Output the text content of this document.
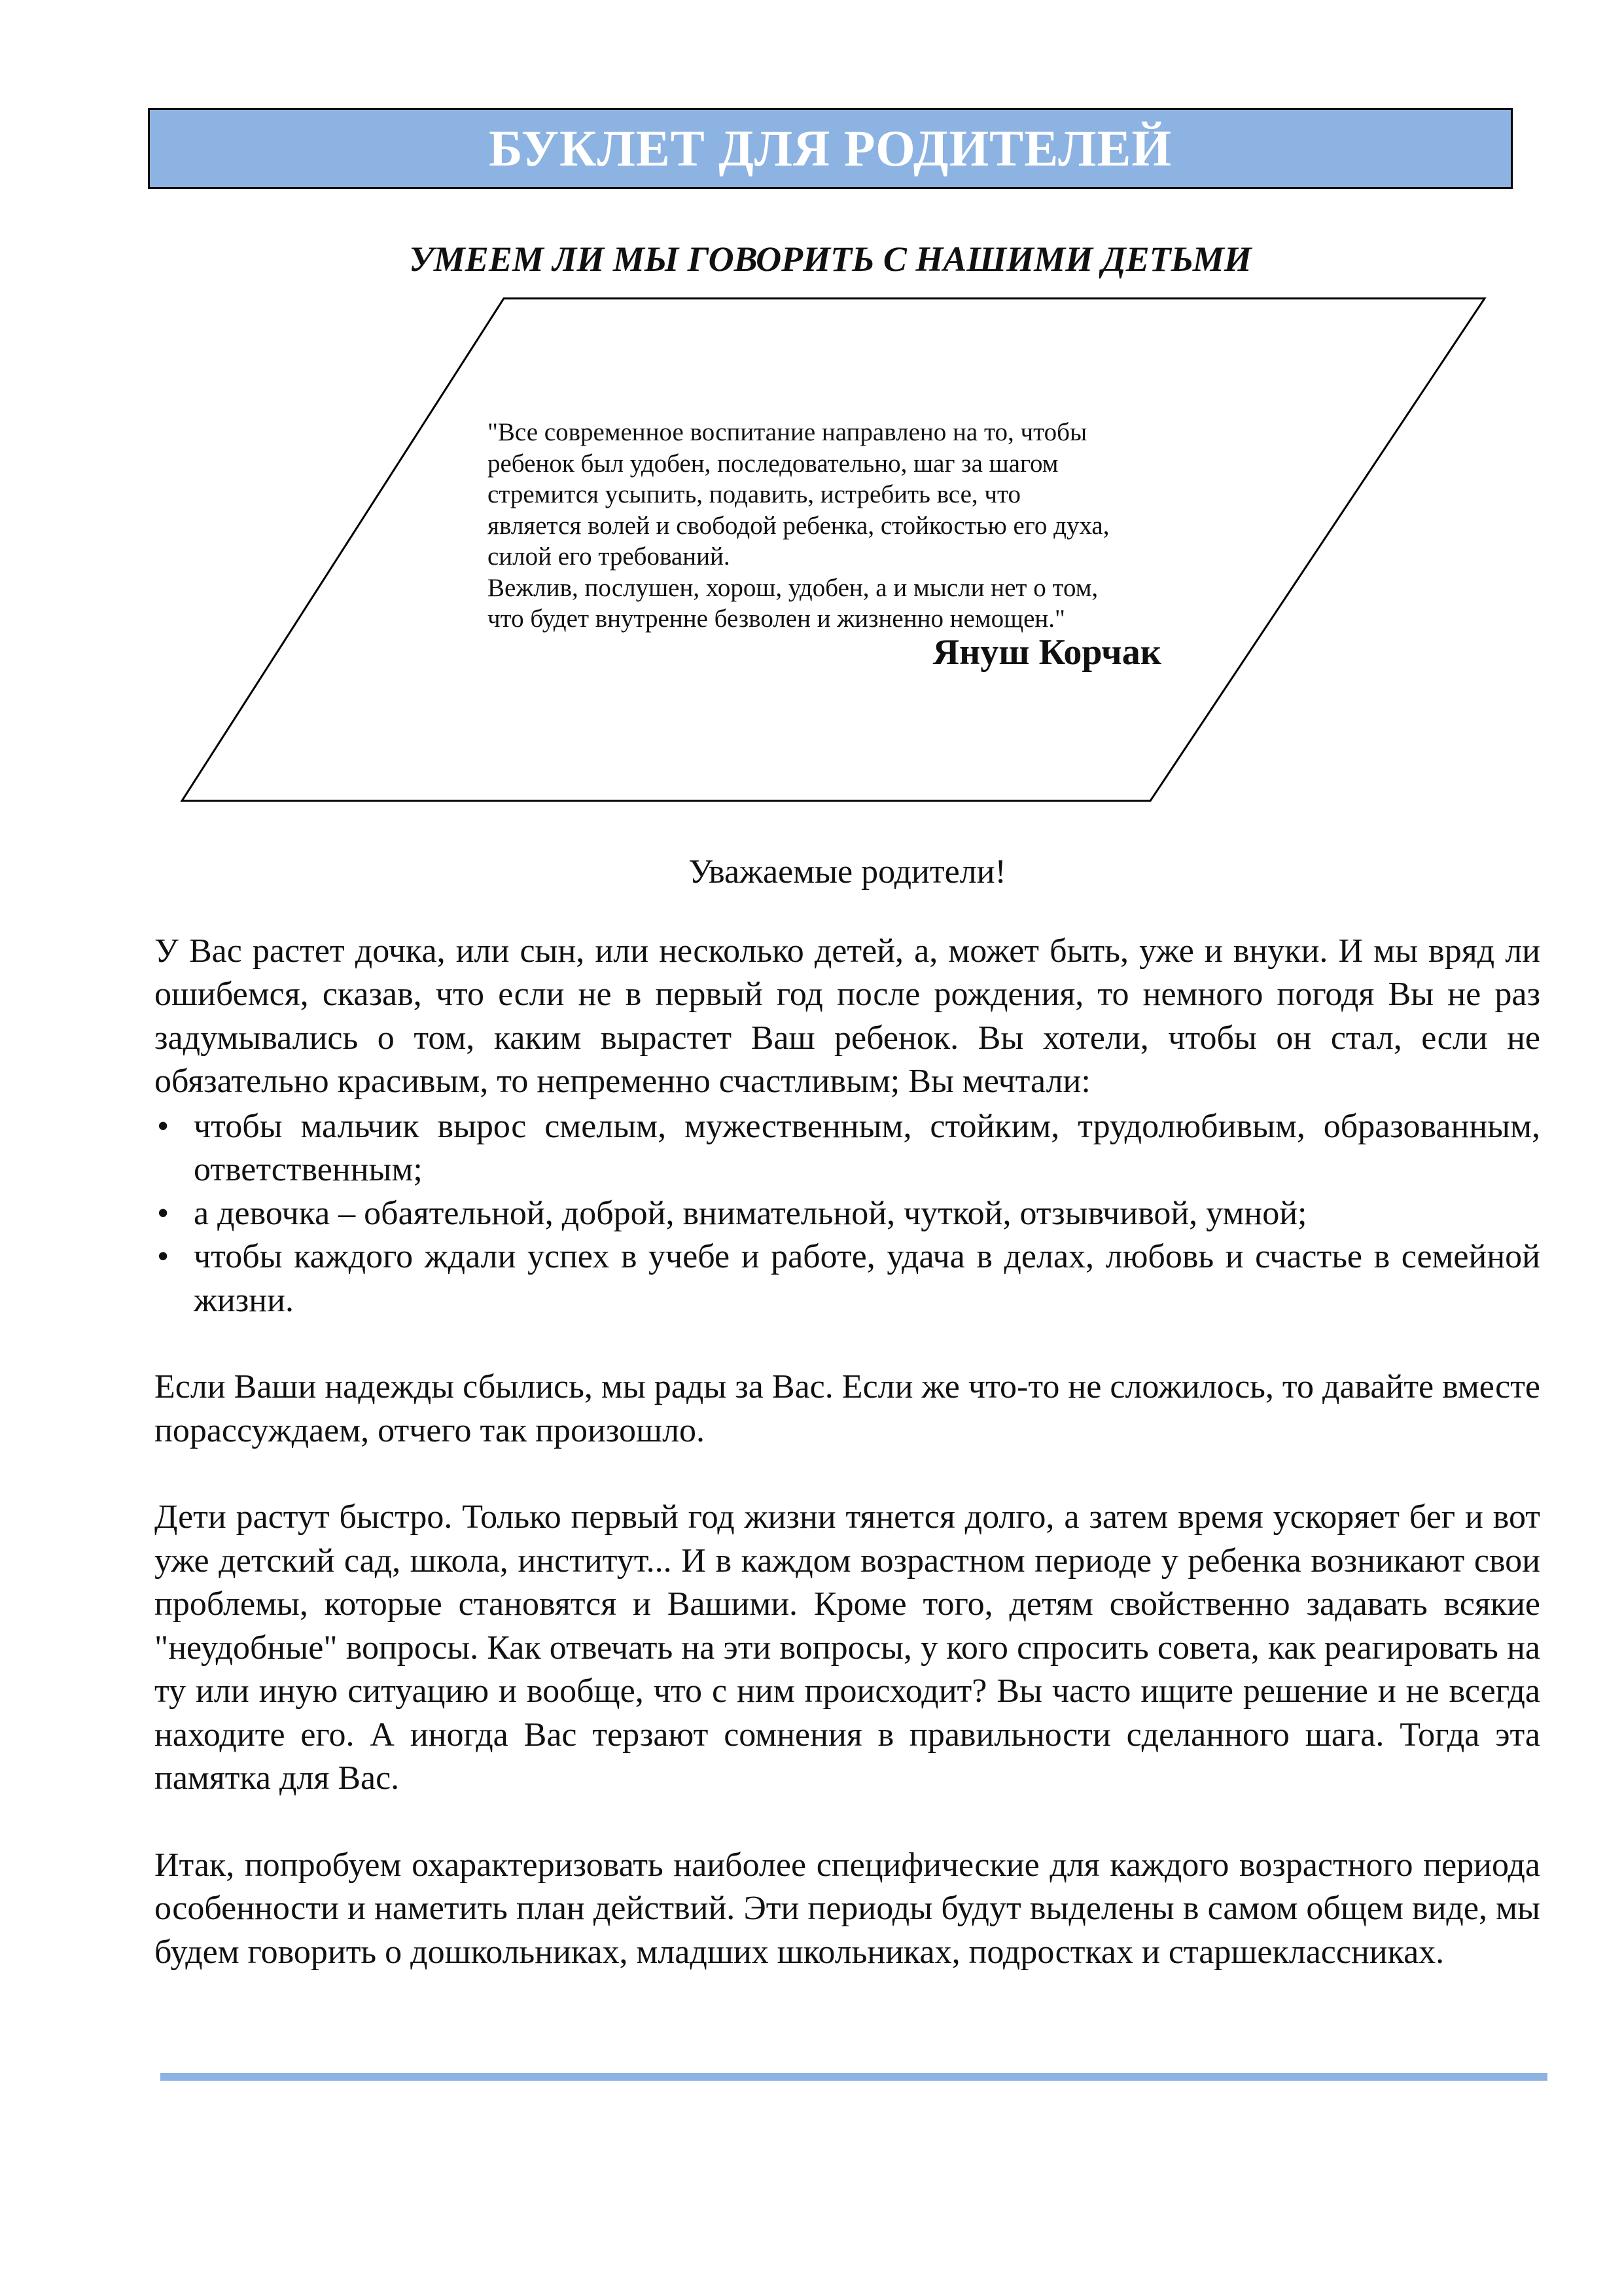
БУКЛЕТ ДЛЯ РОДИТЕЛЕЙ
УМЕЕМ ЛИ МЫ ГОВОРИТЬ С НАШИМИ ДЕТЬМИ

"Все современное воспитание направлено на то, чтобы

ребенок был удобен, последовательно, шаг за шагом

стремится усыпить, подавить, истребить все, что

является волей и свободой ребенка, стойкостью его духа,

силой его требований.

Вежлив, послушен, хорош, удобен, а и мысли нет о том,

что будет внутренне безволен и жизненно немощен."

Януш Корчак

Уважаемые родители!

У Вас растет дочка, или сын, или несколько детей, а, может быть, уже и внуки. И мы вряд ли ошибемся, сказав, что если не в первый год после рождения, то немного погодя Вы не раз задумывались о том, каким вырастет Ваш ребенок. Вы хотели, чтобы он стал, если не обязательно красивым, то непременно счастливым; Вы мечтали:

• чтобы мальчик вырос смелым, мужественным, стойким, трудолюбивым, образованным, ответственным;
• а девочка – обаятельной, доброй, внимательной, чуткой, отзывчивой, умной;
• чтобы каждого ждали успех в учебе и работе, удача в делах, любовь и счастье в семейной жизни.

Если Ваши надежды сбылись, мы рады за Вас. Если же что-то не сложилось, то давайте вместе порассуждаем, отчего так произошло.

Дети растут быстро. Только первый год жизни тянется долго, а затем время ускоряет бег и вот уже детский сад, школа, институт... И в каждом возрастном периоде у ребенка возникают свои проблемы, которые становятся и Вашими. Кроме того, детям свойственно задавать всякие "неудобные" вопросы. Как отвечать на эти вопросы, у кого спросить совета, как реагировать на ту или иную ситуацию и вообще, что с ним происходит? Вы часто ищите решение и не всегда находите его. А иногда Вас терзают сомнения в правильности сделанного шага. Тогда эта памятка для Вас.

Итак, попробуем охарактеризовать наиболее специфические для каждого возрастного периода особенности и наметить план действий. Эти периоды будут выделены в самом общем виде, мы будем говорить о дошкольниках, младших школьниках, подростках и старшеклассниках.
